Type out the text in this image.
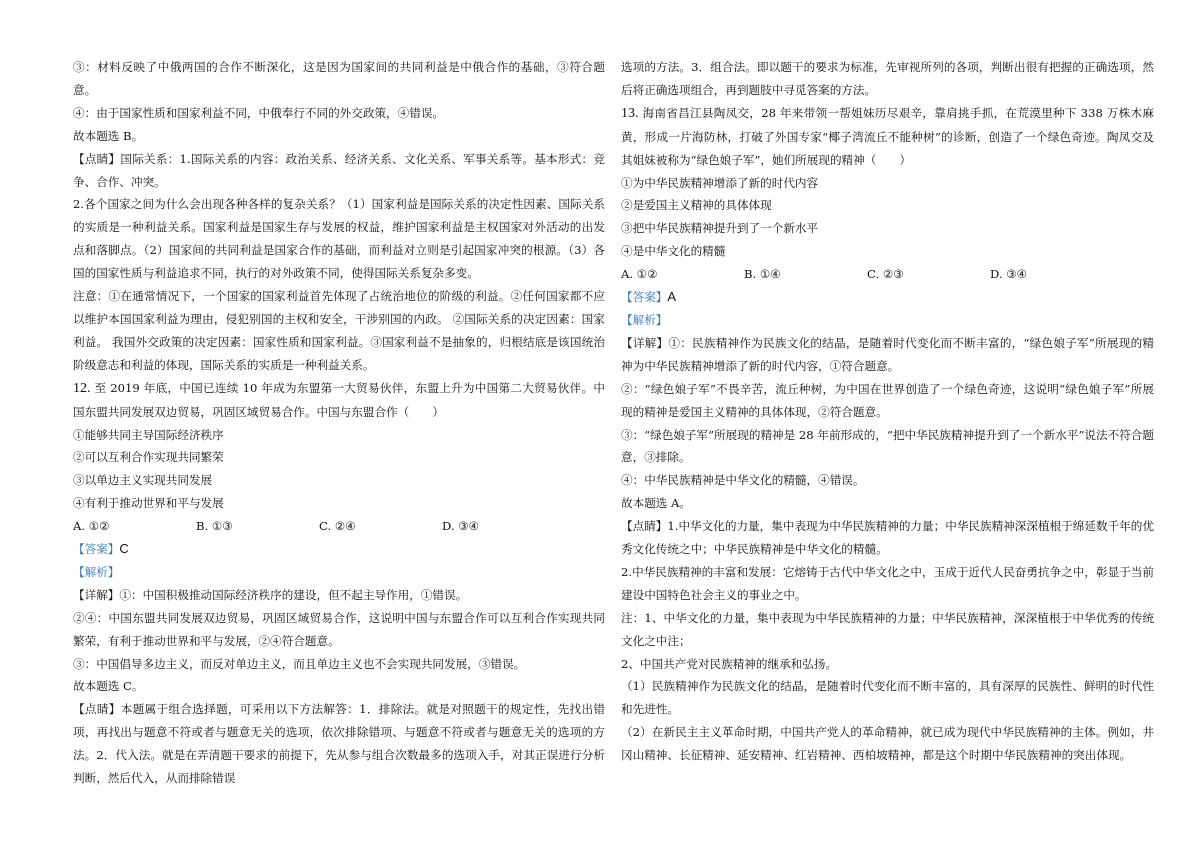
③：材料反映了中俄两国的合作不断深化，这是因为国家间的共同利益是中俄合作的基础，③符合题意。

④：由于国家性质和国家利益不同，中俄奉行不同的外交政策，④错误。

故本题选 B。

【点睛】国际关系：1.国际关系的内容：政治关系、经济关系、文化关系、军事关系等。基本形式：竞争、合作、冲突。

2.各个国家之间为什么会出现各种各样的复杂关系？（1）国家利益是国际关系的决定性因素、国际关系的实质是一种利益关系。国家利益是国家生存与发展的权益，维护国家利益是主权国家对外活动的出发点和落脚点。（2）国家间的共同利益是国家合作的基础，而利益对立则是引起国家冲突的根源。（3）各国的国家性质与利益追求不同，执行的对外政策不同，使得国际关系复杂多变。

注意：①在通常情况下，一个国家的国家利益首先体现了占统治地位的阶级的利益。②任何国家都不应以维护本国国家利益为理由，侵犯别国的主权和安全，干涉别国的内政。 ②国际关系的决定因素：国家利益。 我国外交政策的决定因素：国家性质和国家利益。③国家利益不是抽象的，归根结底是该国统治阶级意志和利益的体现，国际关系的实质是一种利益关系。

12. 至 2019 年底，中国已连续 10 年成为东盟第一大贸易伙伴，东盟上升为中国第二大贸易伙伴。中国东盟共同发展双边贸易，巩固区域贸易合作。中国与东盟合作（　　）

①能够共同主导国际经济秩序

②可以互利合作实现共同繁荣

③以单边主义实现共同发展

④有利于推动世界和平与发展

A. ①②	B. ①③	C. ②④	D. ③④

【答案】C

【解析】

【详解】①：中国积极推动国际经济秩序的建设，但不起主导作用，①错误。

②④：中国东盟共同发展双边贸易，巩固区域贸易合作，这说明中国与东盟合作可以互利合作实现共同繁荣，有利于推动世界和平与发展，②④符合题意。

③：中国倡导多边主义，而反对单边主义，而且单边主义也不会实现共同发展，③错误。

故本题选 C。

【点睛】本题属于组合选择题，可采用以下方法解答：1．排除法。就是对照题干的规定性，先找出错项，再找出与题意不符或者与题意无关的选项，依次排除错项、与题意不符或者与题意无关的选项的方法。2．代入法。就是在弄清题干要求的前提下，先从参与组合次数最多的选项入手，对其正误进行分析判断，然后代入，从而排除错误

选项的方法。3．组合法。即以题干的要求为标准，先审视所列的各项，判断出很有把握的正确选项，然后将正确选项组合，再到题肢中寻觅答案的方法。

13. 海南省昌江县陶凤交，28 年来带领一帮姐妹历尽艰辛，靠肩挑手抓，在荒漠里种下 338 万株木麻黄，形成一片海防林，打破了外国专家“椰子湾流丘不能种树”的诊断，创造了一个绿色奇迹。陶凤交及其姐妹被称为“绿色娘子军”，她们所展现的精神（　　）

①为中华民族精神增添了新的时代内容

②是爱国主义精神的具体体现

③把中华民族精神提升到了一个新水平

④是中华文化的精髓

A. ①②	B. ①④	C. ②③	D. ③④

【答案】A

【解析】

【详解】①：民族精神作为民族文化的结晶，是随着时代变化而不断丰富的，“绿色娘子军”所展现的精神为中华民族精神增添了新的时代内容，①符合题意。

②：“绿色娘子军”不畏辛苦，流丘种树，为中国在世界创造了一个绿色奇迹，这说明“绿色娘子军”所展现的精神是爱国主义精神的具体体现，②符合题意。

③：“绿色娘子军”所展现的精神是 28 年前形成的，“把中华民族精神提升到了一个新水平”说法不符合题意，③排除。

④：中华民族精神是中华文化的精髓，④错误。

故本题选 A。

【点睛】1.中华文化的力量，集中表现为中华民族精神的力量；中华民族精神深深植根于绵延数千年的优秀文化传统之中；中华民族精神是中华文化的精髓。

2.中华民族精神的丰富和发展：它熔铸于古代中华文化之中，玉成于近代人民奋勇抗争之中，彰显于当前建设中国特色社会主义的事业之中。

注：1、中华文化的力量，集中表现为中华民族精神的力量；中华民族精神，深深植根于中华优秀的传统文化之中注；

2、中国共产党对民族精神的继承和弘扬。

（1）民族精神作为民族文化的结晶，是随着时代变化而不断丰富的，具有深厚的民族性、鲜明的时代性和先进性。

（2）在新民主主义革命时期，中国共产党人的革命精神，就已成为现代中华民族精神的主体。例如，井冈山精神、长征精神、延安精神、红岩精神、西柏坡精神，都是这个时期中华民族精神的突出体现。
